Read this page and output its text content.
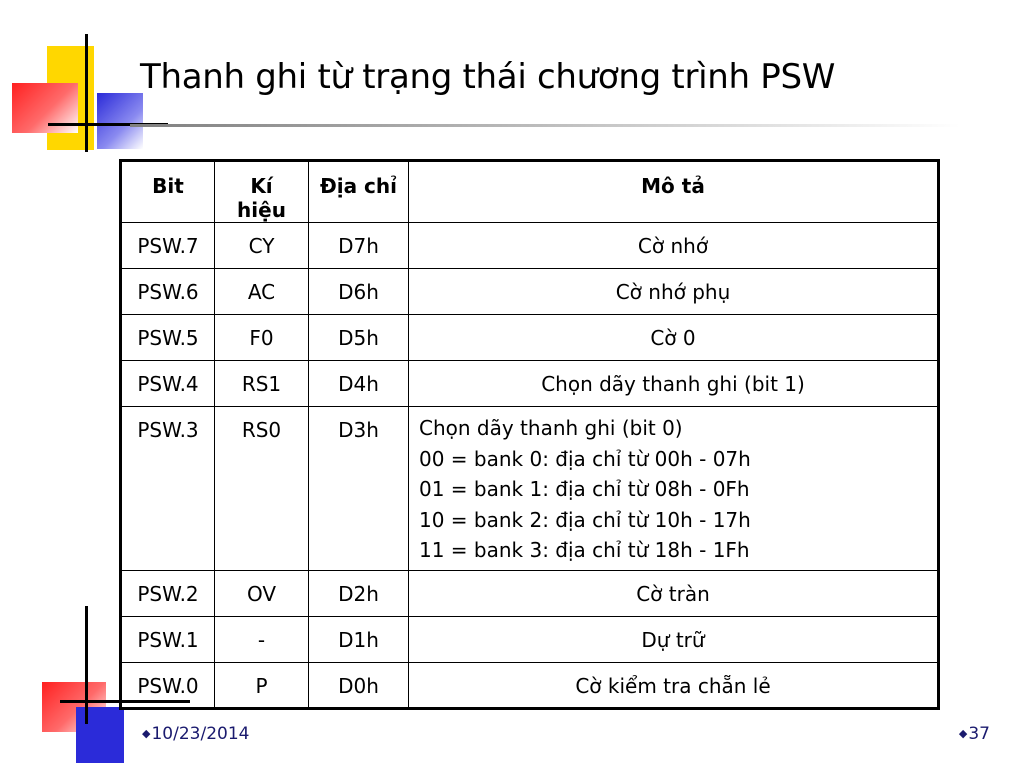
Thanh ghi từ trạng thái chương trình PSW
Bit	Kí hiệu	Địa chỉ	Mô tả
PSW.7	CY	D7h	Cờ nhớ
PSW.6	AC	D6h	Cờ nhớ phụ
PSW.5	F0	D5h	Cờ 0
PSW.4	RS1	D4h	Chọn dãy thanh ghi (bit 1)
PSW.3	RS0	D3h	Chọn dãy thanh ghi (bit 0)
00 = bank 0: địa chỉ từ 00h - 07h
01 = bank 1: địa chỉ từ 08h - 0Fh
10 = bank 2: địa chỉ từ 10h - 17h
11 = bank 3: địa chỉ từ 18h - 1Fh

PSW.2	OV	D2h	Cờ tràn
PSW.1	-	D1h	Dự trữ
PSW.0	P	D0h	Cờ kiểm tra chẵn lẻ
◆10/23/2014	◆37
